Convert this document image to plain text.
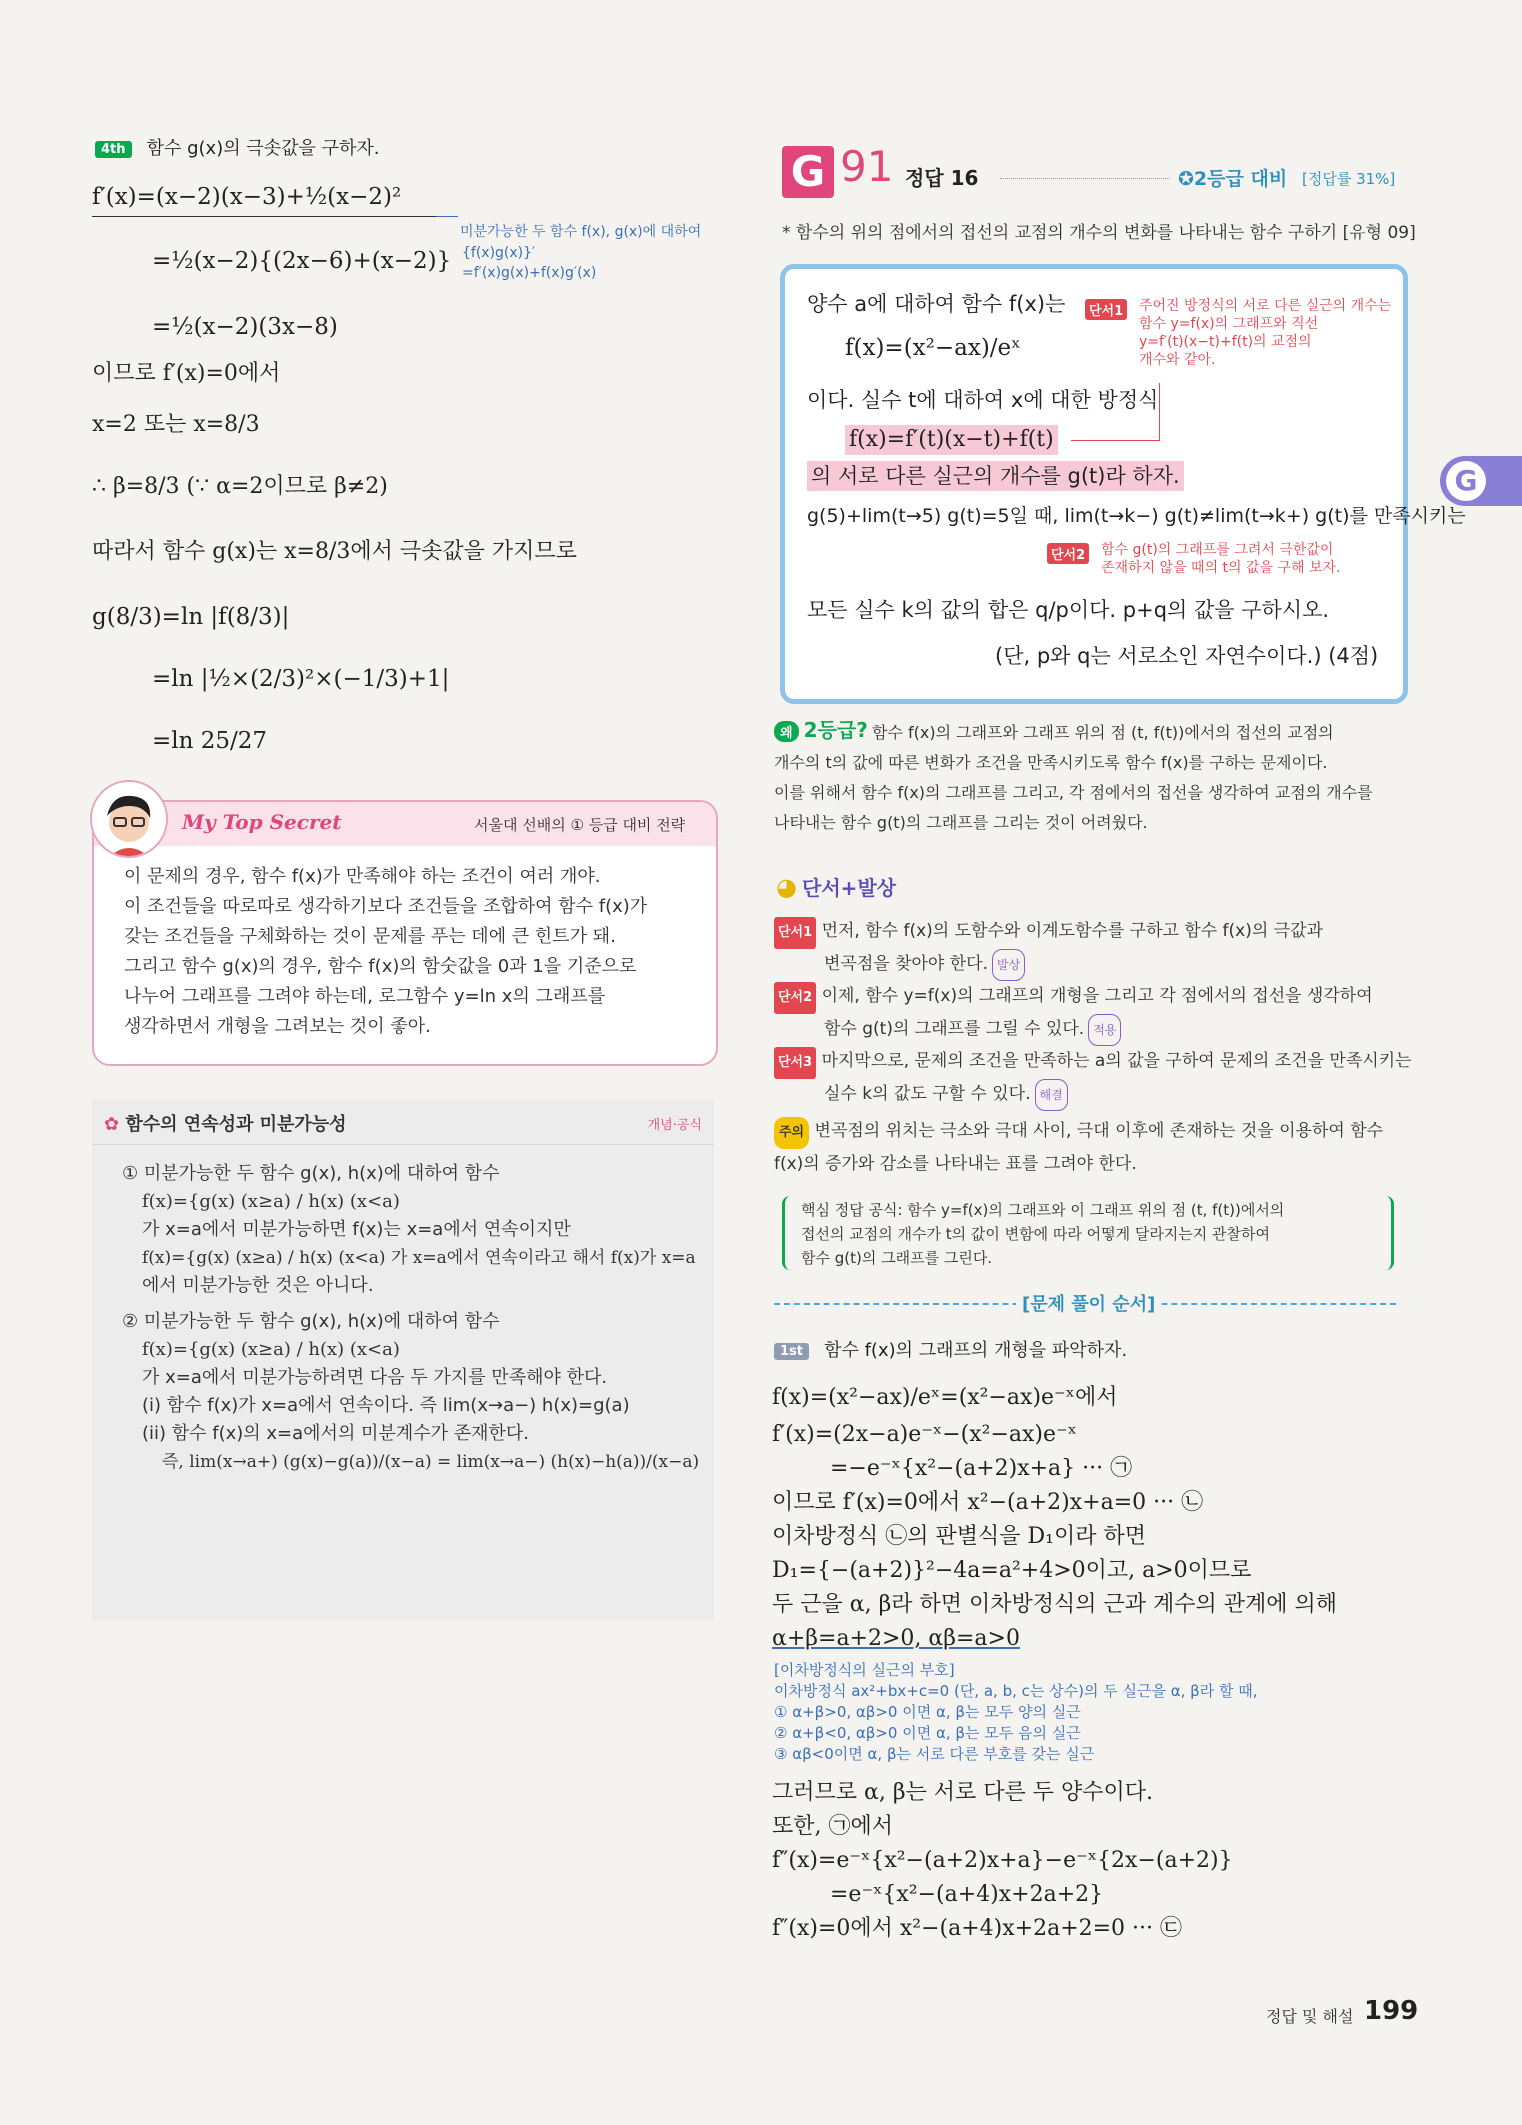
4th 함수 g(x)의 극솟값을 구하자.
f′(x)=(x−2)(x−3)+½(x−2)²
미분가능한 두 함수 f(x), g(x)에 대하여
{f(x)g(x)}′
=f′(x)g(x)+f(x)g′(x)
=½(x−2){(2x−6)+(x−2)}
=½(x−2)(3x−8)
이므로 f′(x)=0에서
x=2 또는 x=8/3
∴ β=8/3 (∵ α=2이므로 β≠2)
따라서 함수 g(x)는 x=8/3에서 극솟값을 가지므로
g(8/3)=ln |f(8/3)|
=ln |½×(2/3)²×(−1/3)+1|
=ln 25/27
My Top Secret	서울대 선배의 ① 등급 대비 전략
이 문제의 경우, 함수 f(x)가 만족해야 하는 조건이 여러 개야.
이 조건들을 따로따로 생각하기보다 조건들을 조합하여 함수 f(x)가
갖는 조건들을 구체화하는 것이 문제를 푸는 데에 큰 힌트가 돼.
그리고 함수 g(x)의 경우, 함수 f(x)의 함숫값을 0과 1을 기준으로
나누어 그래프를 그려야 하는데, 로그함수 y=ln x의 그래프를
생각하면서 개형을 그려보는 것이 좋아.
✿ 함수의 연속성과 미분가능성	개념·공식
① 미분가능한 두 함수 g(x), h(x)에 대하여 함수
f(x)={g(x) (x≥a) / h(x) (x<a)
가 x=a에서 미분가능하면 f(x)는 x=a에서 연속이지만
f(x)={g(x) (x≥a) / h(x) (x<a) 가 x=a에서 연속이라고 해서 f(x)가 x=a
에서 미분가능한 것은 아니다.
② 미분가능한 두 함수 g(x), h(x)에 대하여 함수
f(x)={g(x) (x≥a) / h(x) (x<a)
가 x=a에서 미분가능하려면 다음 두 가지를 만족해야 한다.
(i) 함수 f(x)가 x=a에서 연속이다. 즉 lim(x→a−) h(x)=g(a)
(ii) 함수 f(x)의 x=a에서의 미분계수가 존재한다.
즉, lim(x→a+) (g(x)−g(a))/(x−a) = lim(x→a−) (h(x)−h(a))/(x−a)
G 91 정답 16	✪2등급 대비 [정답률 31%]
* 함수의 위의 점에서의 접선의 교점의 개수의 변화를 나타내는 함수 구하기 [유형 09]
양수 a에 대하여 함수 f(x)는
f(x)=(x²−ax)/eˣ
이다. 실수 t에 대하여 x에 대한 방정식
f(x)=f′(t)(x−t)+f(t)
의 서로 다른 실근의 개수를 g(t)라 하자.
g(5)+lim(t→5) g(t)=5일 때, lim(t→k−) g(t)≠lim(t→k+) g(t)를 만족시키는
모든 실수 k의 값의 합은 q/p이다. p+q의 값을 구하시오.
(단, p와 q는 서로소인 자연수이다.) (4점)
단서1 주어진 방정식의 서로 다른 실근의 개수는
함수 y=f(x)의 그래프와 직선
y=f′(t)(x−t)+f(t)의 교점의
개수와 같아.
단서2 함수 g(t)의 그래프를 그려서 극한값이
존재하지 않을 때의 t의 값을 구해 보자.
왜 2등급? 함수 f(x)의 그래프와 그래프 위의 점 (t, f(t))에서의 접선의 교점의
개수의 t의 값에 따른 변화가 조건을 만족시키도록 함수 f(x)를 구하는 문제이다.
이를 위해서 함수 f(x)의 그래프를 그리고, 각 점에서의 접선을 생각하여 교점의 개수를
나타내는 함수 g(t)의 그래프를 그리는 것이 어려웠다.
◕ 단서+발상
단서1 먼저, 함수 f(x)의 도함수와 이계도함수를 구하고 함수 f(x)의 극값과
변곡점을 찾아야 한다. 발상
단서2 이제, 함수 y=f(x)의 그래프의 개형을 그리고 각 점에서의 접선을 생각하여
함수 g(t)의 그래프를 그릴 수 있다. 적용
단서3 마지막으로, 문제의 조건을 만족하는 a의 값을 구하여 문제의 조건을 만족시키는
실수 k의 값도 구할 수 있다. 해결
주의 변곡점의 위치는 극소와 극대 사이, 극대 이후에 존재하는 것을 이용하여 함수
f(x)의 증가와 감소를 나타내는 표를 그려야 한다.
핵심 정답 공식: 함수 y=f(x)의 그래프와 이 그래프 위의 점 (t, f(t))에서의
접선의 교점의 개수가 t의 값이 변함에 따라 어떻게 달라지는지 관찰하여
함수 g(t)의 그래프를 그린다.
[문제 풀이 순서]
1st 함수 f(x)의 그래프의 개형을 파악하자.
f(x)=(x²−ax)/eˣ=(x²−ax)e⁻ˣ에서
f′(x)=(2x−a)e⁻ˣ−(x²−ax)e⁻ˣ
=−e⁻ˣ{x²−(a+2)x+a} ··· ㉠
이므로 f′(x)=0에서 x²−(a+2)x+a=0 ··· ㉡
이차방정식 ㉡의 판별식을 D₁이라 하면
D₁={−(a+2)}²−4a=a²+4>0이고, a>0이므로
두 근을 α, β라 하면 이차방정식의 근과 계수의 관계에 의해
α+β=a+2>0, αβ=a>0
[이차방정식의 실근의 부호]
이차방정식 ax²+bx+c=0 (단, a, b, c는 상수)의 두 실근을 α, β라 할 때,
① α+β>0, αβ>0 이면 α, β는 모두 양의 실근
② α+β<0, αβ>0 이면 α, β는 모두 음의 실근
③ αβ<0이면 α, β는 서로 다른 부호를 갖는 실근
그러므로 α, β는 서로 다른 두 양수이다.
또한, ㉠에서
f″(x)=e⁻ˣ{x²−(a+2)x+a}−e⁻ˣ{2x−(a+2)}
=e⁻ˣ{x²−(a+4)x+2a+2}
f″(x)=0에서 x²−(a+4)x+2a+2=0 ··· ㉢
G
정답 및 해설 199
